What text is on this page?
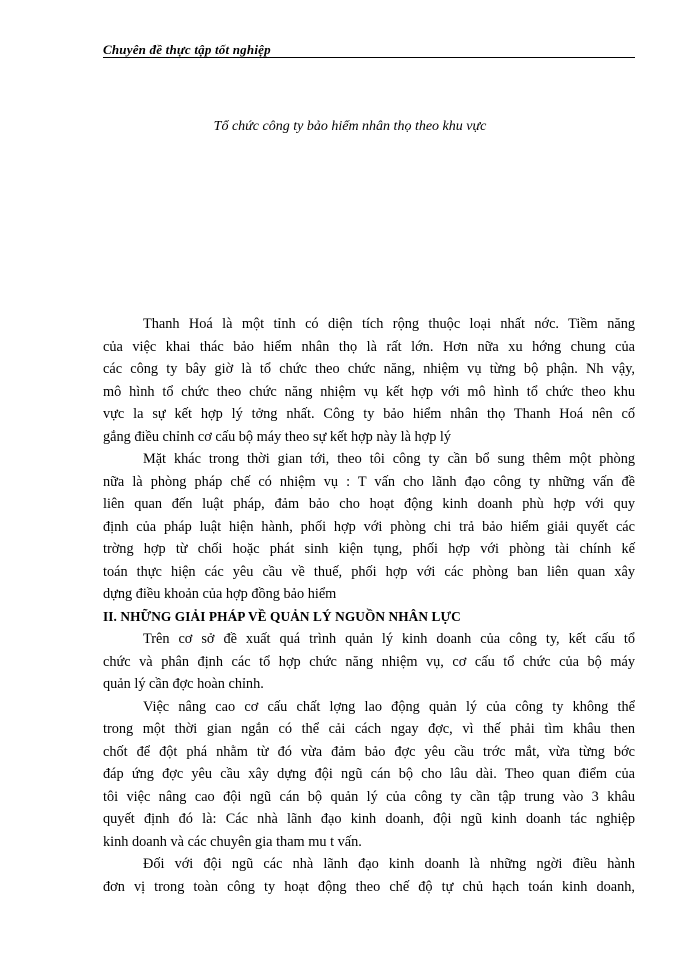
Chuyên đề thực tập tốt nghiệp
Tổ chức công ty bảo hiểm nhân thọ theo khu vực

Thanh Hoá là một tỉnh có diện tích rộng thuộc loại nhất nớc. Tiềm năng
của việc khai thác bảo hiểm nhân thọ là rất lớn. Hơn nữa xu hớng chung của
các công ty bây giờ là tổ chức theo chức năng, nhiệm vụ từng bộ phận. Nh vậy,
mô hình tổ chức theo chức năng nhiệm vụ kết hợp với mô hình tổ chức theo khu
vực la sự kết hợp lý tởng nhất. Công ty bảo hiểm nhân thọ Thanh Hoá nên cố
gắng điều chỉnh cơ cấu bộ máy theo sự kết hợp này là hợp lý

Mặt khác trong thời gian tới, theo tôi công ty cần bổ sung thêm một phòng
nữa là phòng pháp chế có nhiệm vụ : T vấn cho lãnh đạo công ty những vấn đề
liên quan đến luật pháp, đảm bảo cho hoạt động kinh doanh phù hợp với quy
định của pháp luật hiện hành, phối hợp với phòng chi trả bảo hiểm giải quyết các
trờng hợp từ chối hoặc phát sinh kiện tụng, phối hợp với phòng tài chính kế
toán thực hiện các yêu cầu về thuế, phối hợp với các phòng ban liên quan xây
dựng điều khoản của hợp đồng bảo hiểm

II. NHỮNG GIẢI PHÁP VỀ QUẢN LÝ NGUỒN NHÂN LỰC

Trên cơ sở đề xuất quá trình quản lý kinh doanh của công ty, kết cấu tổ
chức và phân định các tổ hợp chức năng nhiệm vụ, cơ cấu tổ chức của bộ máy
quản lý cần đợc hoàn chỉnh.

Việc nâng cao cơ cấu chất lợng lao động quản lý của công ty không thể
trong một thời gian ngắn có thể cải cách ngay đợc, vì thế phải tìm khâu then
chốt để đột phá nhằm từ đó vừa đảm bảo đợc yêu cầu trớc mắt, vừa từng bớc
đáp ứng đợc yêu cầu xây dựng đội ngũ cán bộ cho lâu dài. Theo quan điểm của
tôi việc nâng cao đội ngũ cán bộ quản lý của công ty cần tập trung vào 3 khâu
quyết định đó là: Các nhà lãnh đạo kinh doanh, đội ngũ kinh doanh tác nghiệp
kinh doanh và các chuyên gia tham mu t vấn.

Đối với đội ngũ các nhà lãnh đạo kinh doanh là những ngời điều hành
đơn vị trong toàn công ty hoạt động theo chế độ tự chủ hạch toán kinh doanh,
